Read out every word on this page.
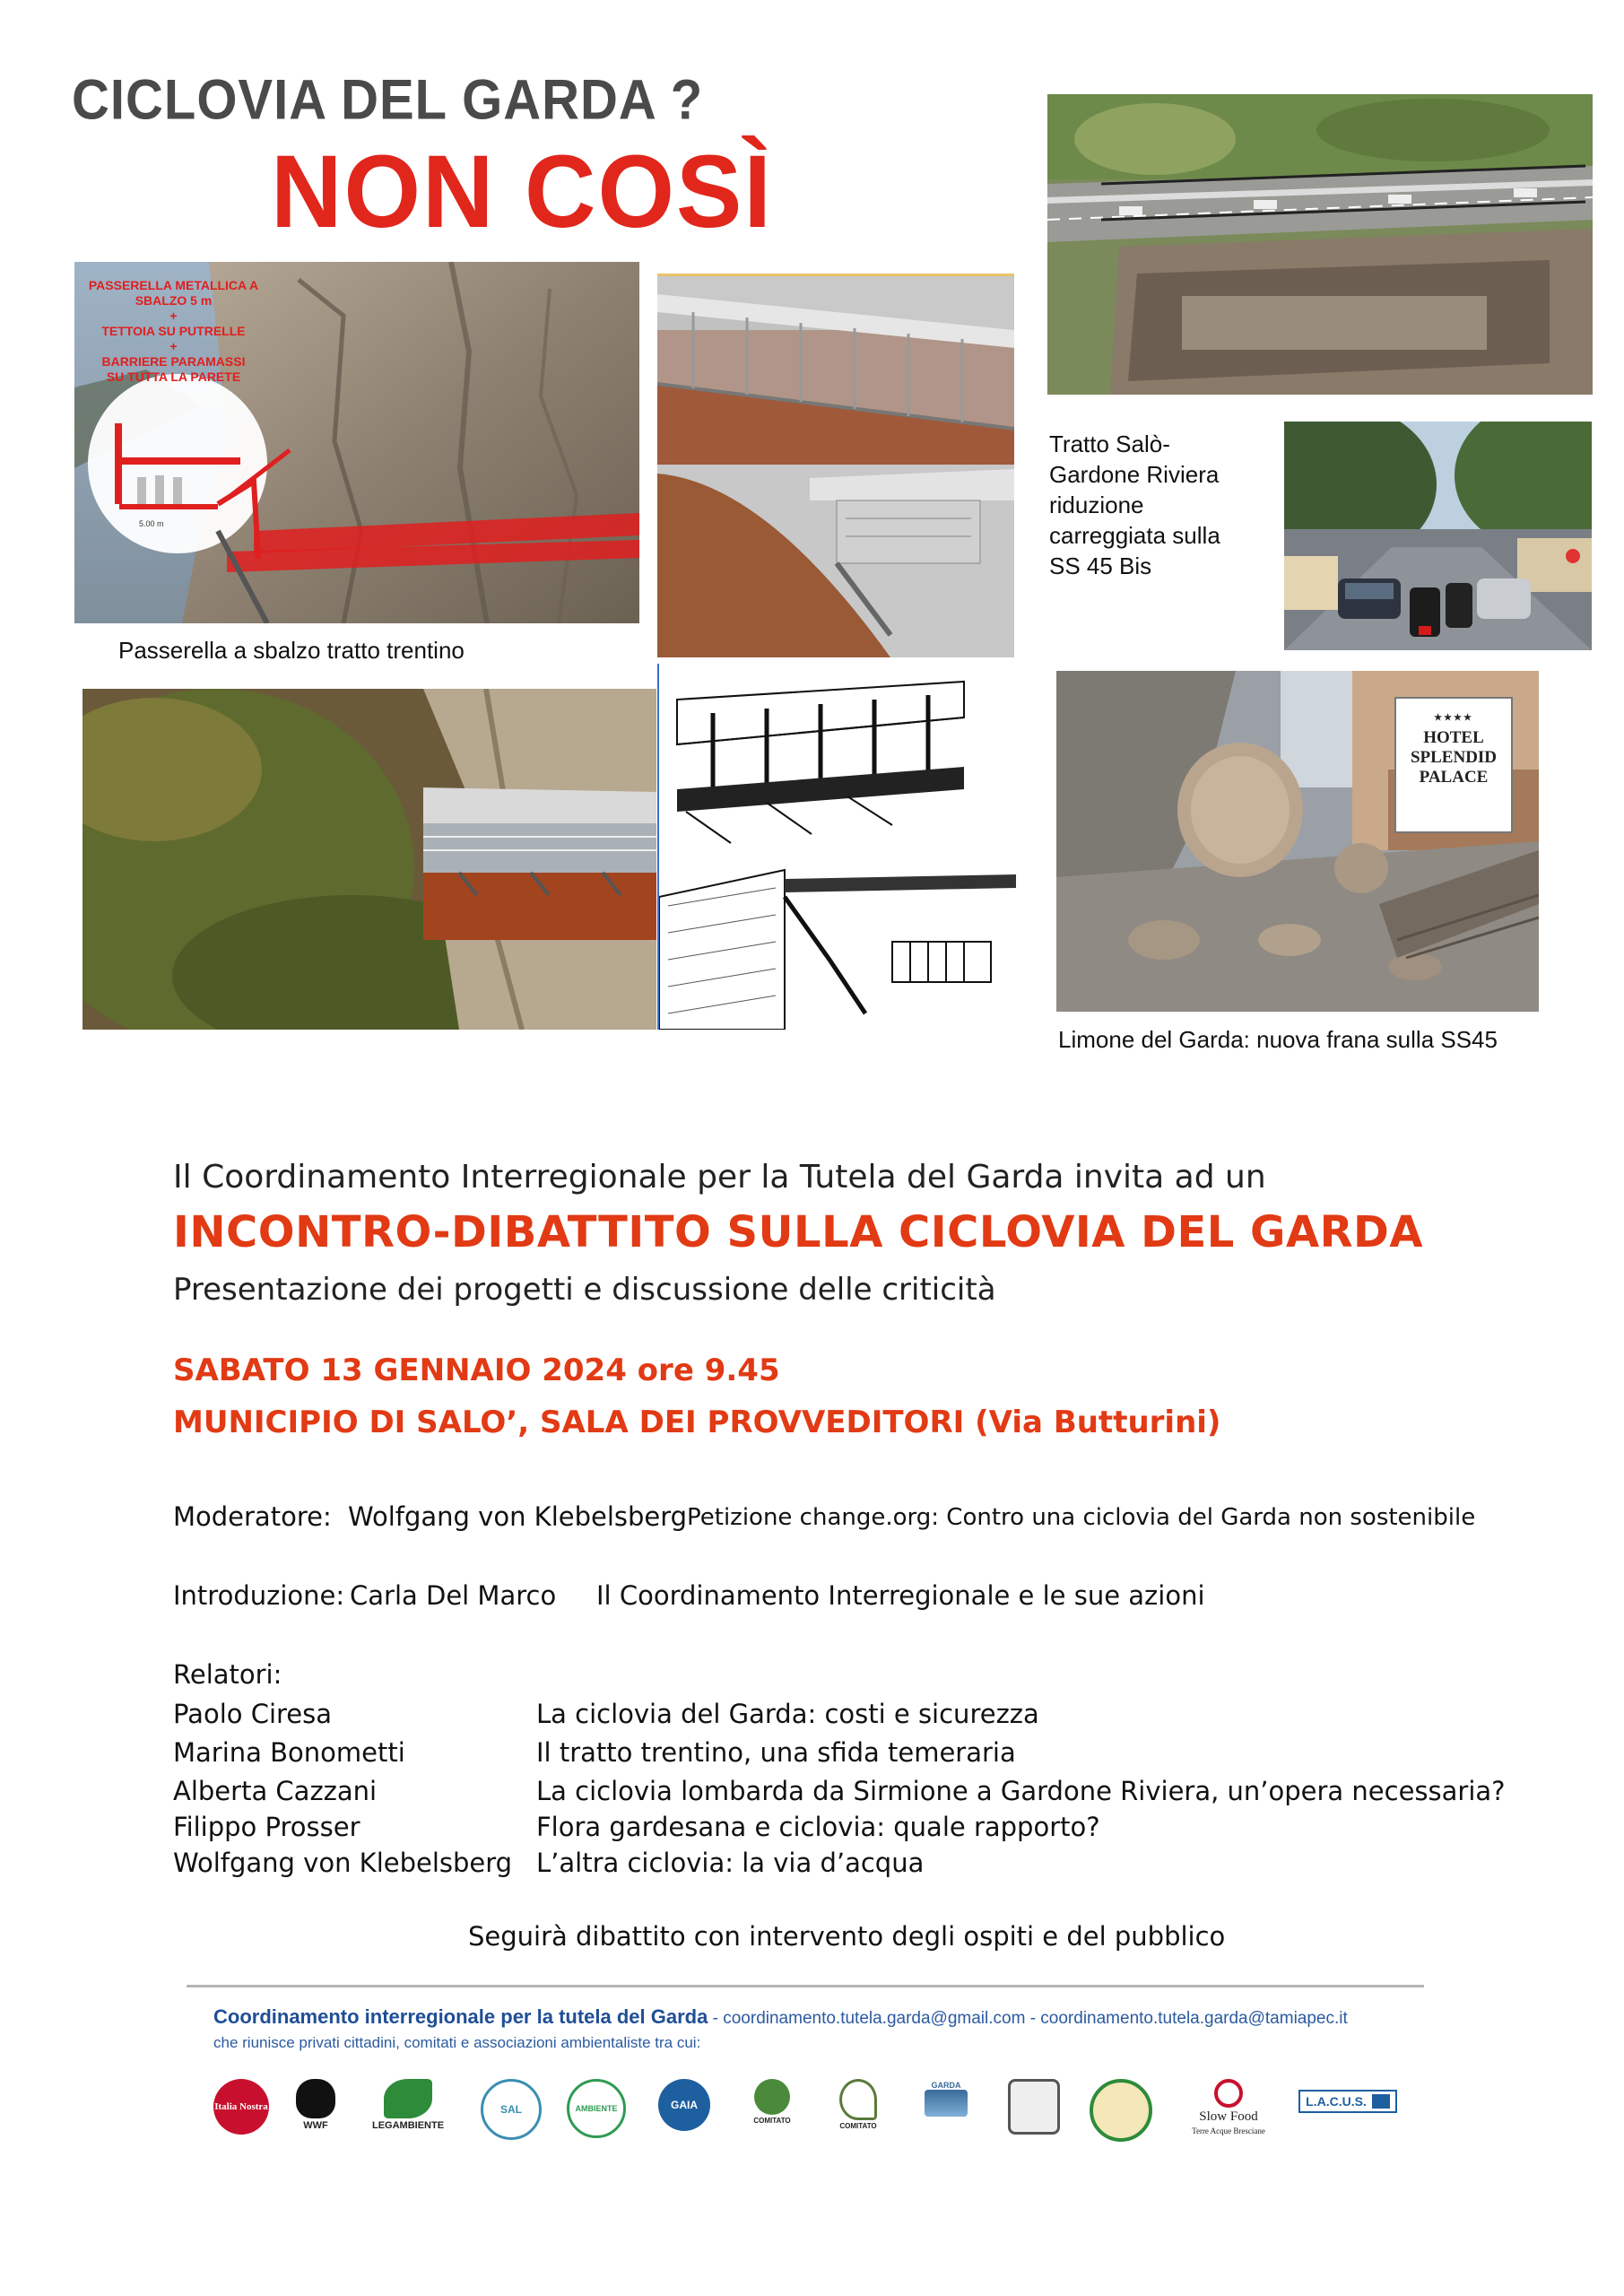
CICLOVIA DEL GARDA ?
NON COSÌ
5.00 m
PASSERELLA METALLICA A
SBALZO 5 m
+
TETTOIA SU PUTRELLE
+
BARRIERE PARAMASSI
SU TUTTA LA PARETE
Passerella a sbalzo tratto trentino
Tratto Salò- Gardone Riviera riduzione carreggiata sulla SS 45 Bis
★★★★
HOTEL
SPLENDID
PALACE
Limone del Garda: nuova frana sulla SS45
Il Coordinamento Interregionale per la Tutela del Garda invita ad un
INCONTRO-DIBATTITO SULLA CICLOVIA DEL GARDA
Presentazione dei progetti e discussione delle criticità
SABATO 13 GENNAIO 2024 ore 9.45
MUNICIPIO DI SALO’, SALA DEI PROVVEDITORI (Via Butturini)
Moderatore: Wolfgang von Klebelsberg Petizione change.org: Contro una ciclovia del Garda non sostenibile
Introduzione: Carla Del Marco Il Coordinamento Interregionale e le sue azioni
Relatori:
Paolo Ciresa	La ciclovia del Garda: costi e sicurezza
Marina Bonometti	Il tratto trentino, una sfida temeraria
Alberta Cazzani	La ciclovia lombarda da Sirmione a Gardone Riviera, un’opera necessaria?
Filippo Prosser	Flora gardesana e ciclovia: quale rapporto?
Wolfgang von Klebelsberg L’altra ciclovia: la via d’acqua
Seguirà dibattito con intervento degli ospiti e del pubblico
Coordinamento interregionale per la tutela del Garda - coordinamento.tutela.garda@gmail.com - coordinamento.tutela.garda@tamiapec.it
che riunisce privati cittadini, comitati e associazioni ambientaliste tra cui:
Italia Nostra
WWF	LEGAMBIENTE
SAL	AMBIENTE	GAIA
COMITATO
COMITATO
GARDA
Slow Food
Terre Acque Bresciane
L.A.C.U.S.
